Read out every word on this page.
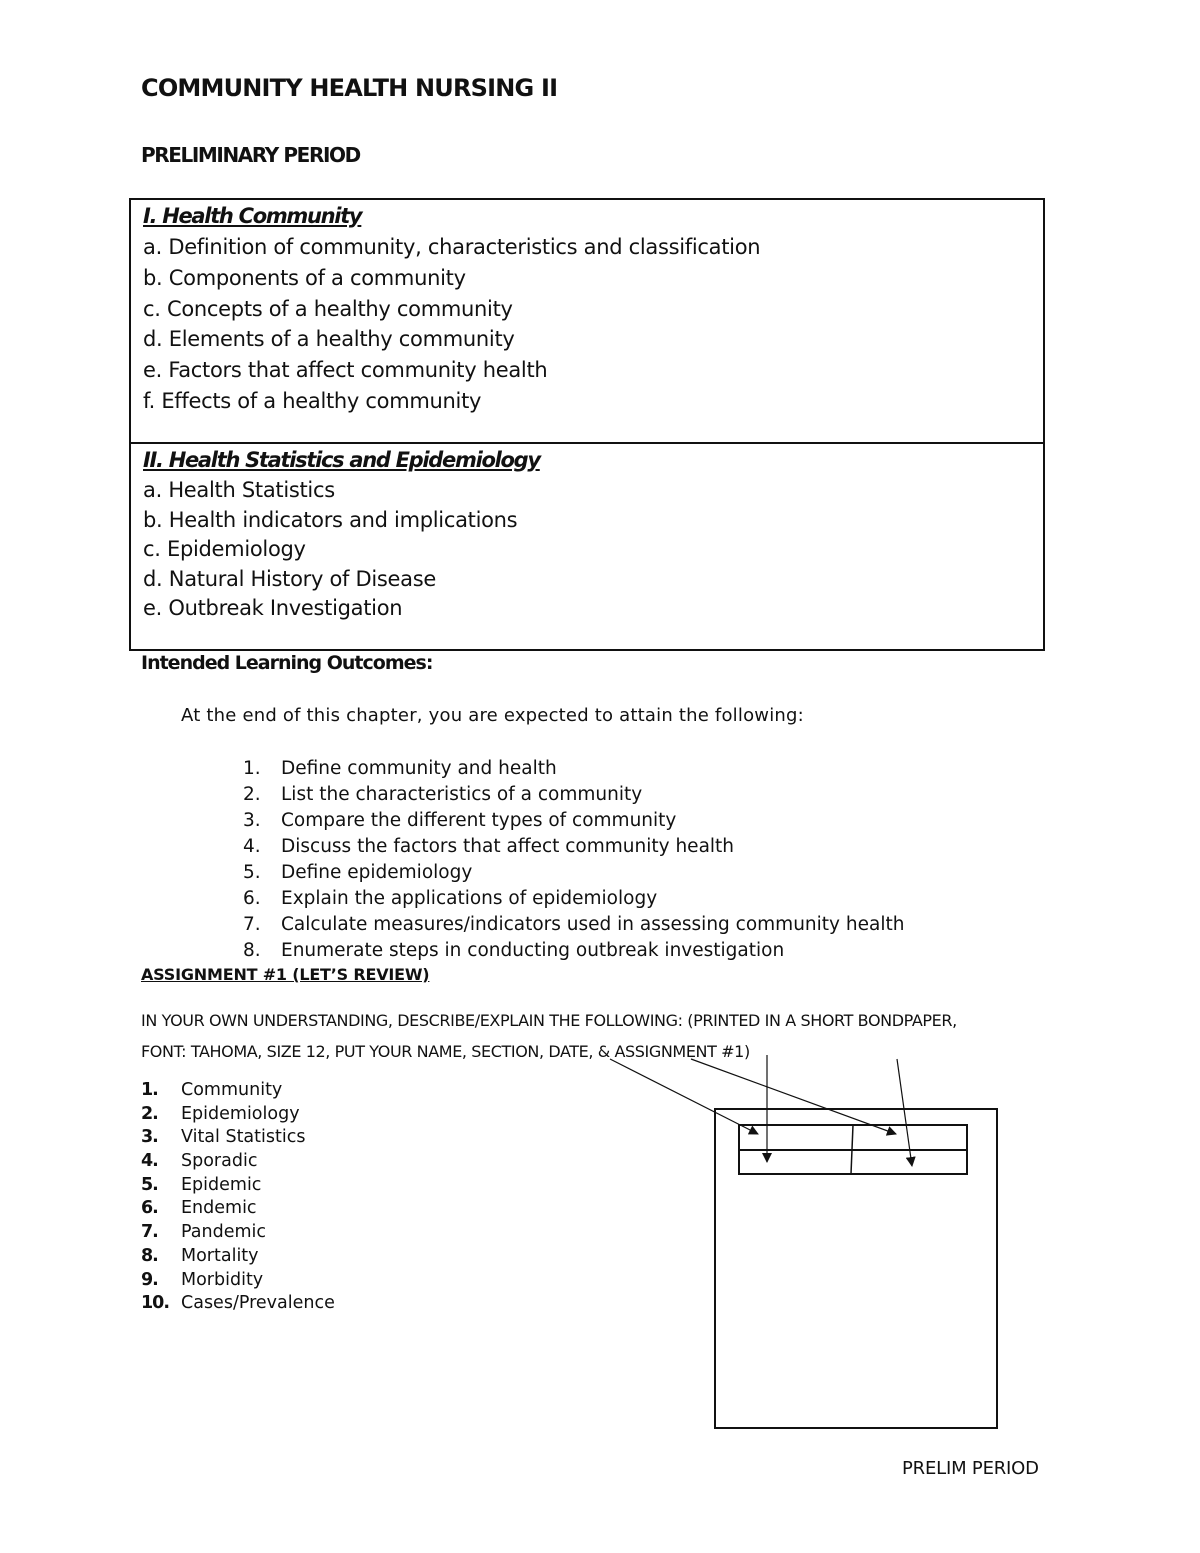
COMMUNITY HEALTH NURSING II
PRELIMINARY PERIOD
I. Health Community
a. Definition of community, characteristics and classification
b. Components of a community
c. Concepts of a healthy community
d. Elements of a healthy community
e. Factors that affect community health
f. Effects of a healthy community
II. Health Statistics and Epidemiology
a. Health Statistics
b. Health indicators and implications
c. Epidemiology
d. Natural History of Disease
e. Outbreak Investigation
Intended Learning Outcomes:
At the end of this chapter, you are expected to attain the following:
1. Define community and health
2. List the characteristics of a community
3. Compare the different types of community
4. Discuss the factors that affect community health
5. Define epidemiology
6. Explain the applications of epidemiology
7. Calculate measures/indicators used in assessing community health
8. Enumerate steps in conducting outbreak investigation
ASSIGNMENT #1 (LET’S REVIEW)
IN YOUR OWN UNDERSTANDING, DESCRIBE/EXPLAIN THE FOLLOWING: (PRINTED IN A SHORT BONDPAPER, FONT: TAHOMA, SIZE 12, PUT YOUR NAME, SECTION, DATE, & ASSIGNMENT #1)
1. Community
2. Epidemiology
3. Vital Statistics
4. Sporadic
5. Epidemic
6. Endemic
7. Pandemic
8. Mortality
9. Morbidity
10. Cases/Prevalence
PRELIM PERIOD
